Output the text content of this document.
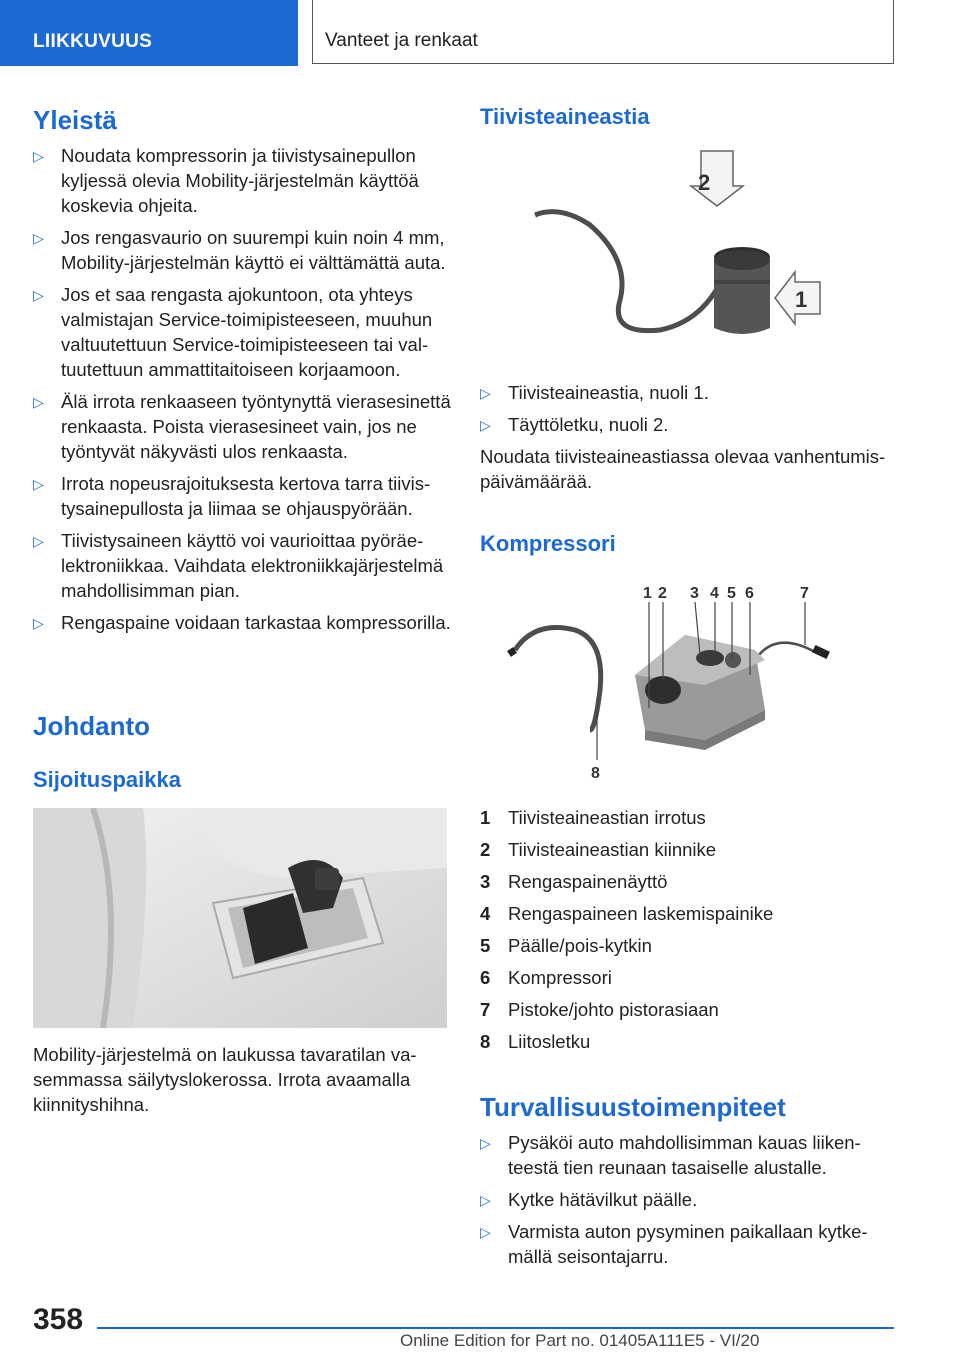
LIIKKUVUUS	Vanteet ja renkaat
Yleistä
▷ Noudata kompressorin ja tiivistysainepullon kyljessä olevia Mobility-järjestelmän käyttöä koskevia ohjeita.
▷ Jos rengasvaurio on suurempi kuin noin 4 mm, Mobility-järjestelmän käyttö ei välttämättä auta.
▷ Jos et saa rengasta ajokuntoon, ota yhteys valmistajan Service-toimipisteeseen, muuhun valtuutettuun Service-toimipisteeseen tai valtuutettuun ammattitaitoiseen korjaamoon.
▷ Älä irrota renkaaseen työntynyttä vierasesinettä renkaasta. Poista vierasesineet vain, jos ne työntyvät näkyvästi ulos renkaasta.
▷ Irrota nopeusrajoituksesta kertova tarra tiivistysainepullosta ja liimaa se ohjauspyörään.
▷ Tiivistysaineen käyttö voi vaurioittaa pyöräelektroniikkaa. Vaihdata elektroniikkajärjestelmä mahdollisimman pian.
▷ Rengaspaine voidaan tarkastaa kompressorilla.
Johdanto
Sijoituspaikka

Mobility-järjestelmä on laukussa tavaratilan vasemmassa säilytyslokerossa. Irrota avaamalla kiinnityshihna.

Tiivisteaineastia
2
1
▷ Tiivisteaineastia, nuoli 1.
▷ Täyttöletku, nuoli 2.

Noudata tiivisteaineastiassa olevaa vanhentumispäivämäärää.

Kompressori
1 2 3 4 5 6	7
8
1 Tiivisteaineastian irrotus
2 Tiivisteaineastian kiinnike
3 Rengaspainenäyttö
4 Rengaspaineen laskemispainike
5 Päälle/pois-kytkin
6 Kompressori
7 Pistoke/johto pistorasiaan
8 Liitosletku
Turvallisuustoimenpiteet
▷ Pysäköi auto mahdollisimman kauas liikenteestä tien reunaan tasaiselle alustalle.
▷ Kytke hätävilkut päälle.
▷ Varmista auton pysyminen paikallaan kytkemällä seisontajarru.
358
Online Edition for Part no. 01405A111E5 - VI/20
